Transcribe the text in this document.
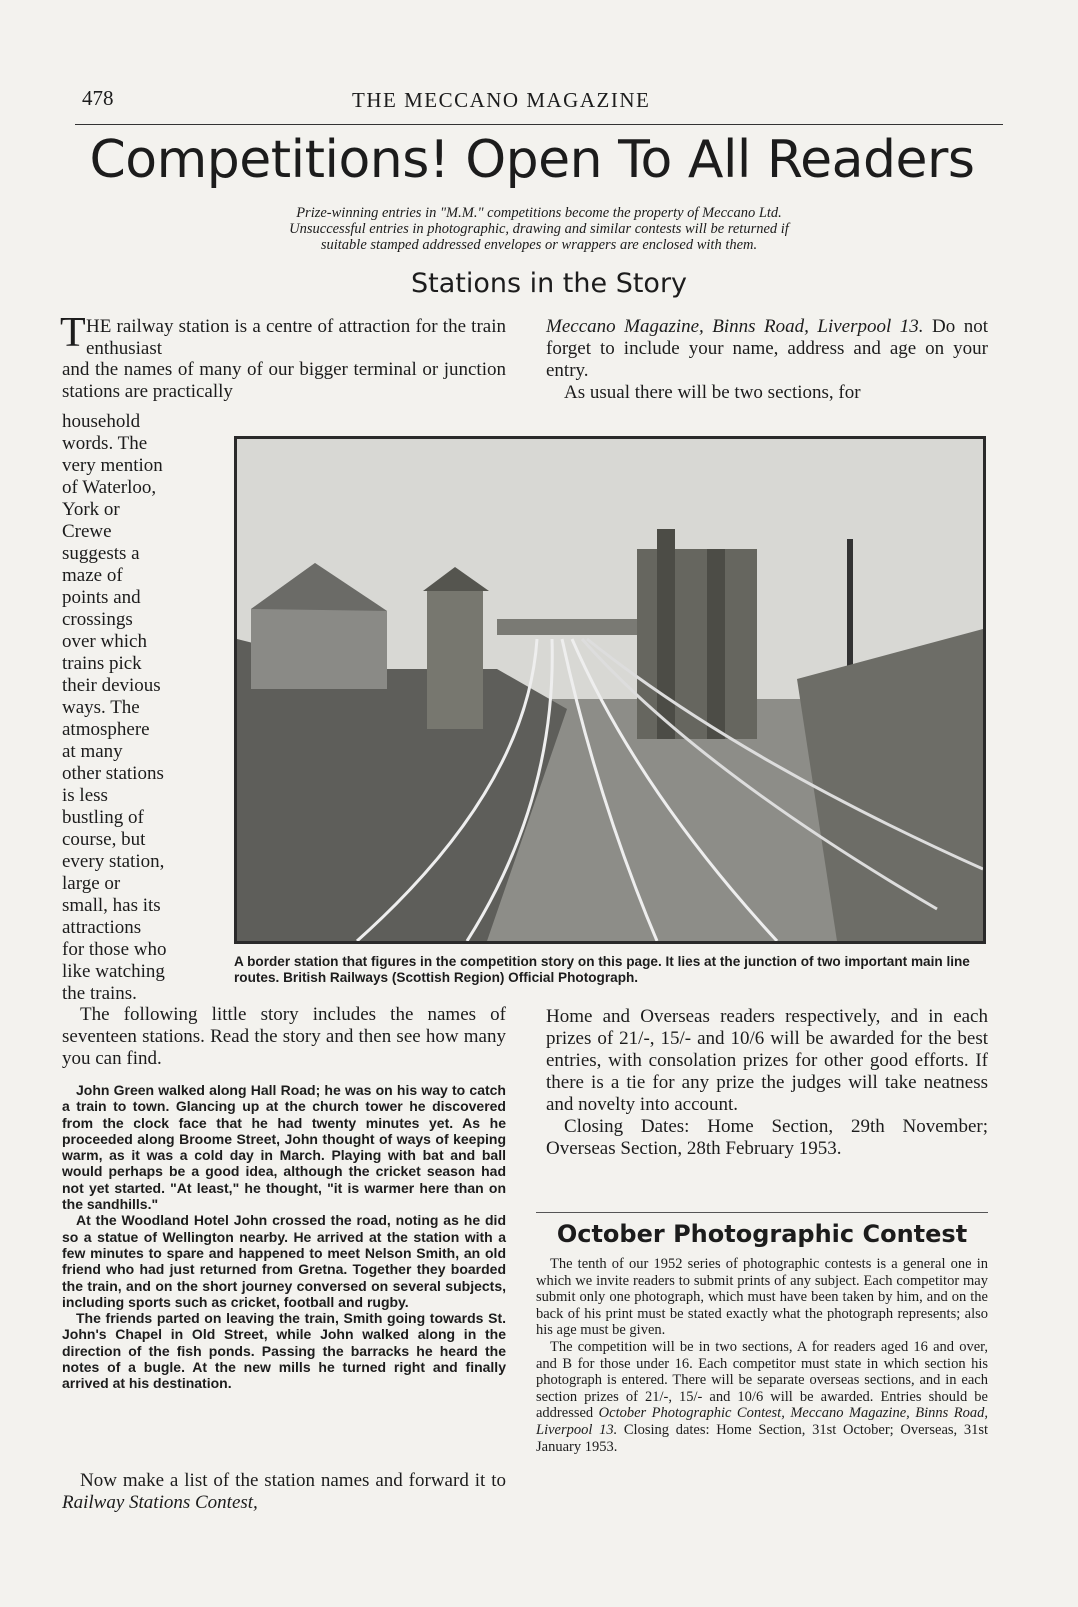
478	THE MECCANO MAGAZINE
Competitions! Open To All Readers
Prize-winning entries in "M.M." competitions become the property of Meccano Ltd.
Unsuccessful entries in photographic, drawing and similar contests will be returned if
suitable stamped addressed envelopes or wrappers are enclosed with them.
Stations in the Story
T HE railway station is a centre of attraction for the train enthusiast
and the names of many of our bigger terminal or junction stations are practically
household
words. The
very mention
of Waterloo,
York or
Crewe
suggests a
maze of
points and
crossings
over which
trains pick
their devious
ways. The
atmosphere
at many
other stations
is less
bustling of
course, but
every station,
large or
small, has its
attractions
for those who
like watching
the trains.
Meccano Magazine, Binns Road, Liverpool 13. Do not forget to include your name, address and age on your entry.
As usual there will be two sections, for
A border station that figures in the competition story on this page. It lies at the junction of two important main line routes. British Railways (Scottish Region) Official Photograph.
The following little story includes the names of seventeen stations. Read the story and then see how many you can find.

John Green walked along Hall Road; he was on his way to catch a train to town. Glancing up at the church tower he discovered from the clock face that he had twenty minutes yet. As he proceeded along Broome Street, John thought of ways of keeping warm, as it was a cold day in March. Playing with bat and ball would perhaps be a good idea, although the cricket season had not yet started. "At least," he thought, "it is warmer here than on the sandhills."

At the Woodland Hotel John crossed the road, noting as he did so a statue of Wellington nearby. He arrived at the station with a few minutes to spare and happened to meet Nelson Smith, an old friend who had just returned from Gretna. Together they boarded the train, and on the short journey conversed on several subjects, including sports such as cricket, football and rugby.

The friends parted on leaving the train, Smith going towards St. John's Chapel in Old Street, while John walked along in the direction of the fish ponds. Passing the barracks he heard the notes of a bugle. At the new mills he turned right and finally arrived at his destination.

Now make a list of the station names and forward it to Railway Stations Contest,
Home and Overseas readers respectively, and in each prizes of 21/-, 15/- and 10/6 will be awarded for the best entries, with consolation prizes for other good efforts. If there is a tie for any prize the judges will take neatness and novelty into account.
Closing Dates: Home Section, 29th November; Overseas Section, 28th February 1953.
October Photographic Contest

The tenth of our 1952 series of photographic contests is a general one in which we invite readers to submit prints of any subject. Each competitor may submit only one photograph, which must have been taken by him, and on the back of his print must be stated exactly what the photograph represents; also his age must be given.

The competition will be in two sections, A for readers aged 16 and over, and B for those under 16. Each competitor must state in which section his photograph is entered. There will be separate overseas sections, and in each section prizes of 21/-, 15/- and 10/6 will be awarded. Entries should be addressed October Photographic Contest, Meccano Magazine, Binns Road, Liverpool 13. Closing dates: Home Section, 31st October; Overseas, 31st January 1953.
